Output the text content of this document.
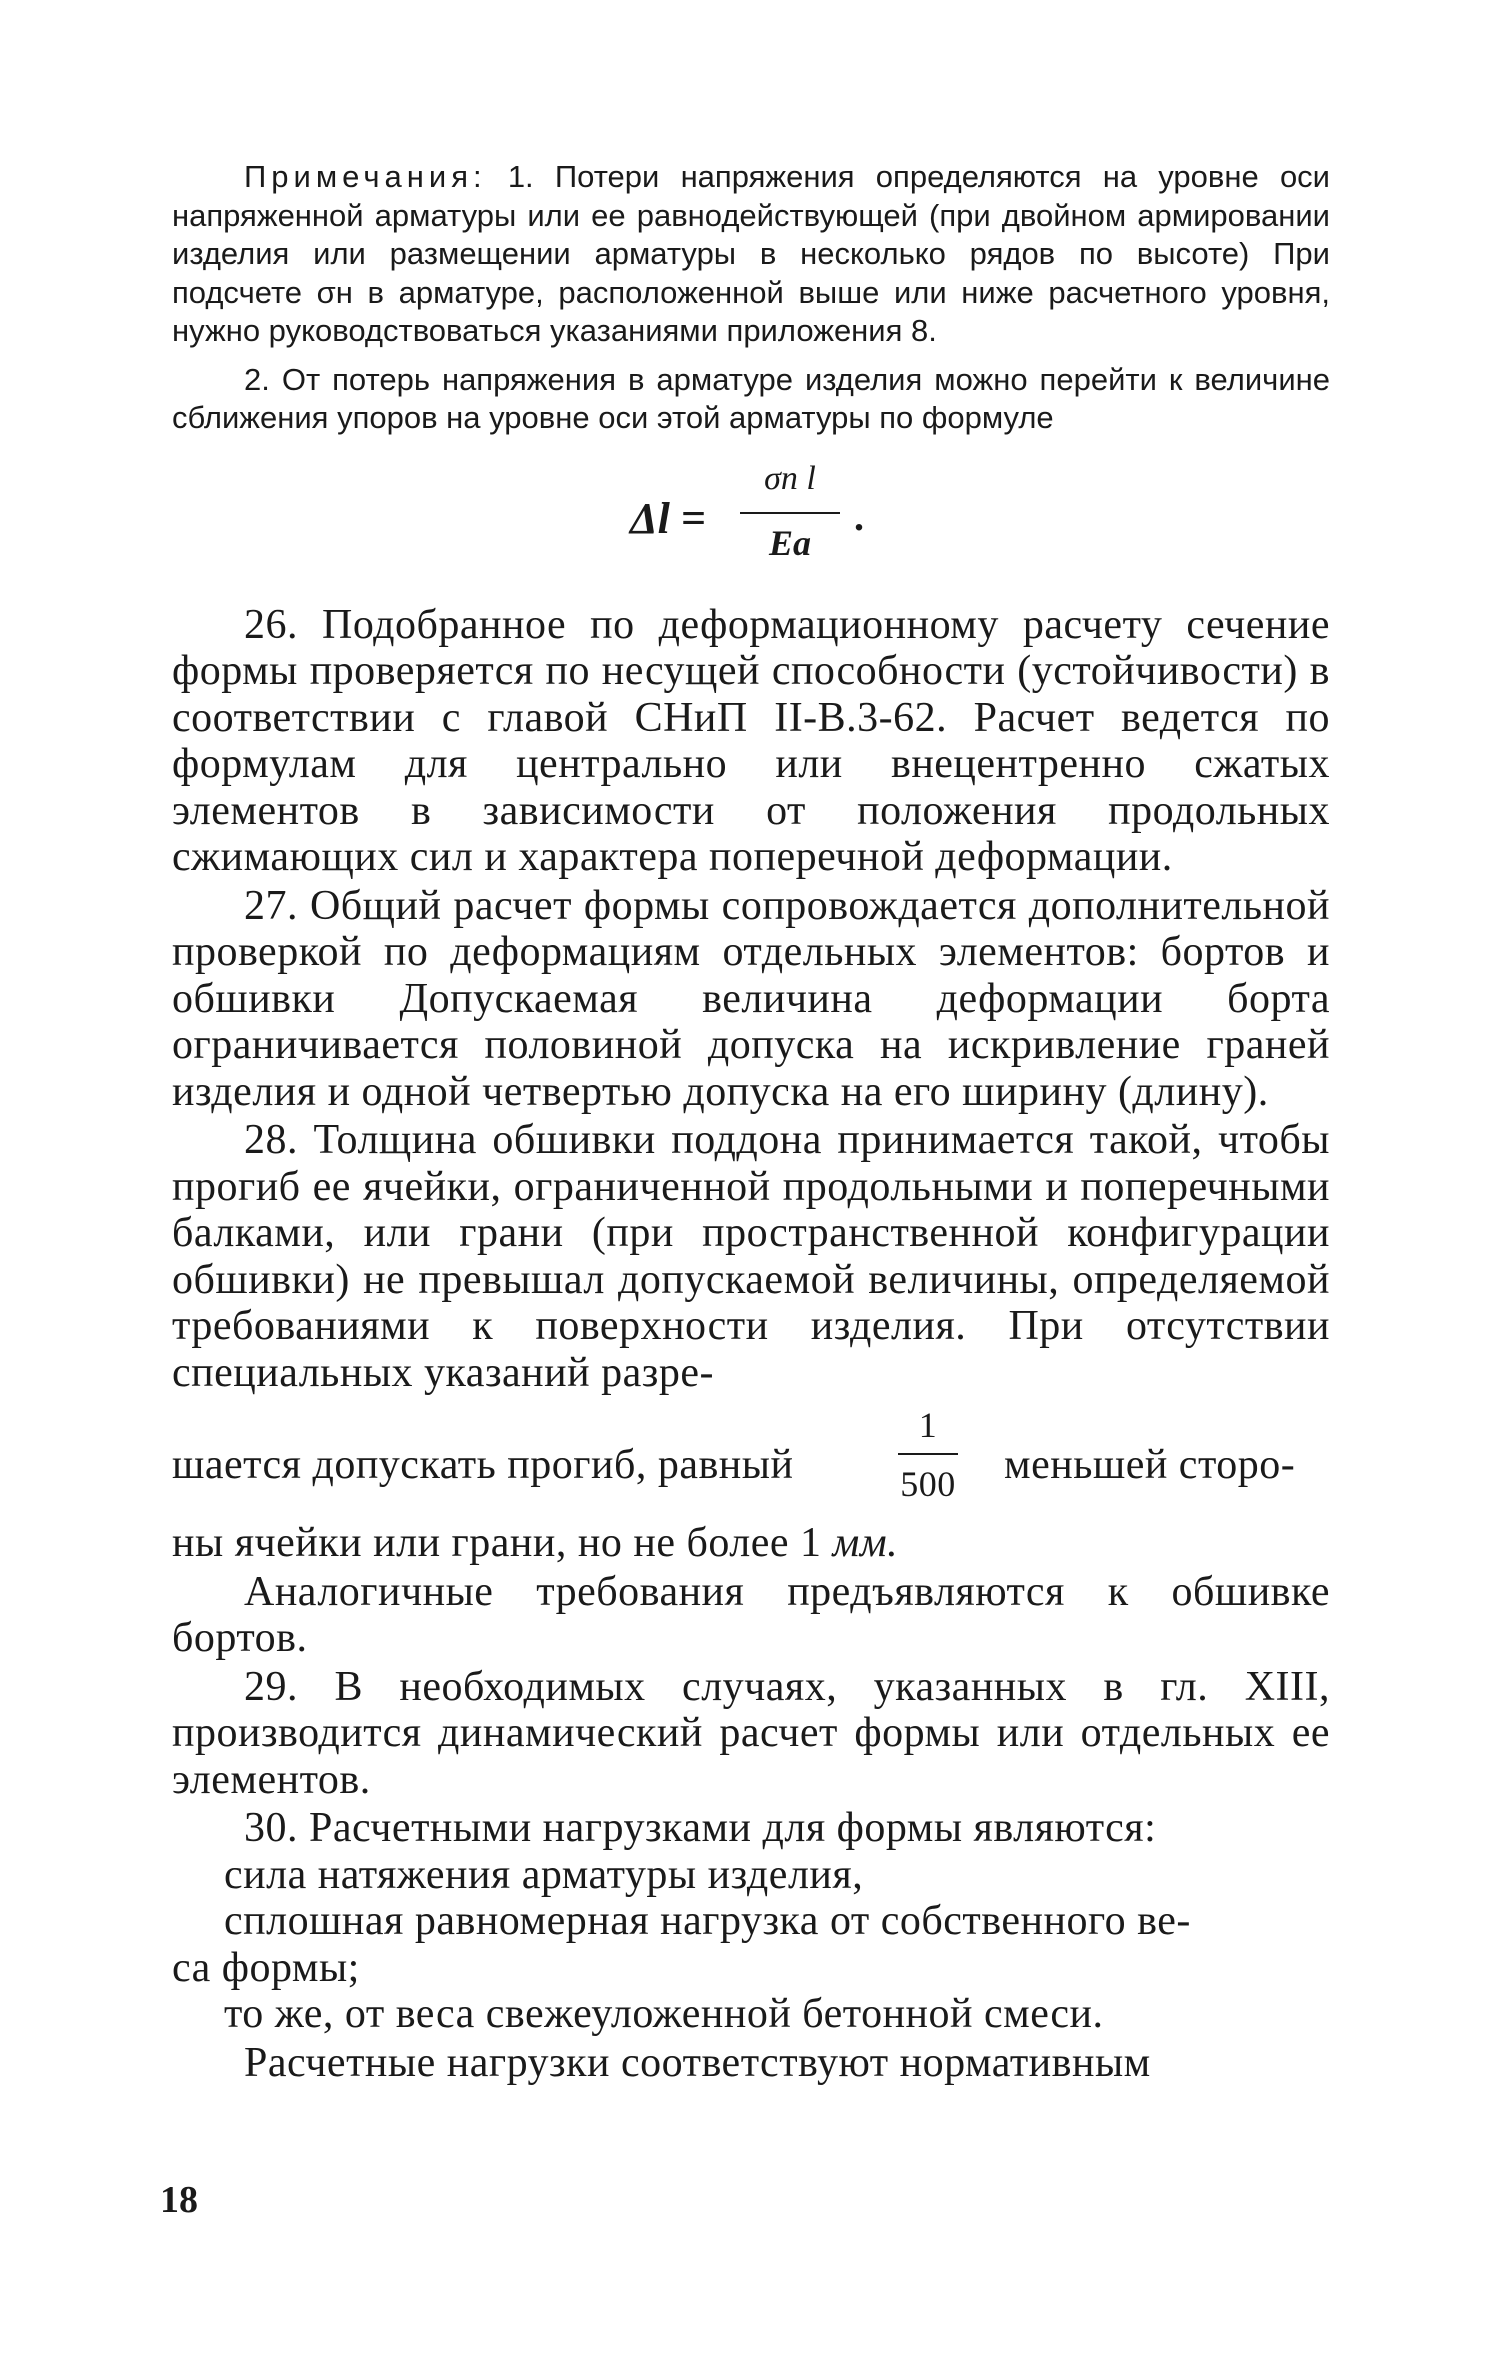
Примечания: 1. Потери напряжения определяются на уровне оси напряженной арматуры или ее равнодействующей (при двойном армировании изделия или размещении арматуры в несколько рядов по высоте) При подсчете σн в арматуре, расположенной выше или ниже расчетного уровня, нужно руководствоваться указаниями приложения 8.

2. От потерь напряжения в арматуре изделия можно перейти к величине сближения упоров на уровне оси этой арматуры по формуле

Δl =
σп l
Eа
.

26. Подобранное по деформационному расчету сечение формы проверяется по несущей способности (устойчивости) в соответствии с главой СНиП II-В.3-62. Расчет ведется по формулам для центрально или внецентренно сжатых элементов в зависимости от положения продольных сжимающих сил и характера поперечной деформации.

27. Общий расчет формы сопровождается дополнительной проверкой по деформациям отдельных элементов: бортов и обшивки Допускаемая величина деформации борта ограничивается половиной допуска на искривление граней изделия и одной четвертью допуска на его ширину (длину).

28. Толщина обшивки поддона принимается такой, чтобы прогиб ее ячейки, ограниченной продольными и поперечными балками, или грани (при пространственной конфигурации обшивки) не превышал допускаемой величины, определяемой требованиями к поверхности изделия. При отсутствии специальных указаний разре-

шается допускать прогиб, равный
1
500 меньшей сторо-

ны ячейки или грани, но не более 1 мм.

Аналогичные требования предъявляются к обшивке бортов.

29. В необходимых случаях, указанных в гл. XIII, производится динамический расчет формы или отдельных ее элементов.

30. Расчетными нагрузками для формы являются:

сила натяжения арматуры изделия,

сплошная равномерная нагрузка от собственного ве-

са формы;

то же, от веса свежеуложенной бетонной смеси.

Расчетные нагрузки соответствуют нормативным

18
